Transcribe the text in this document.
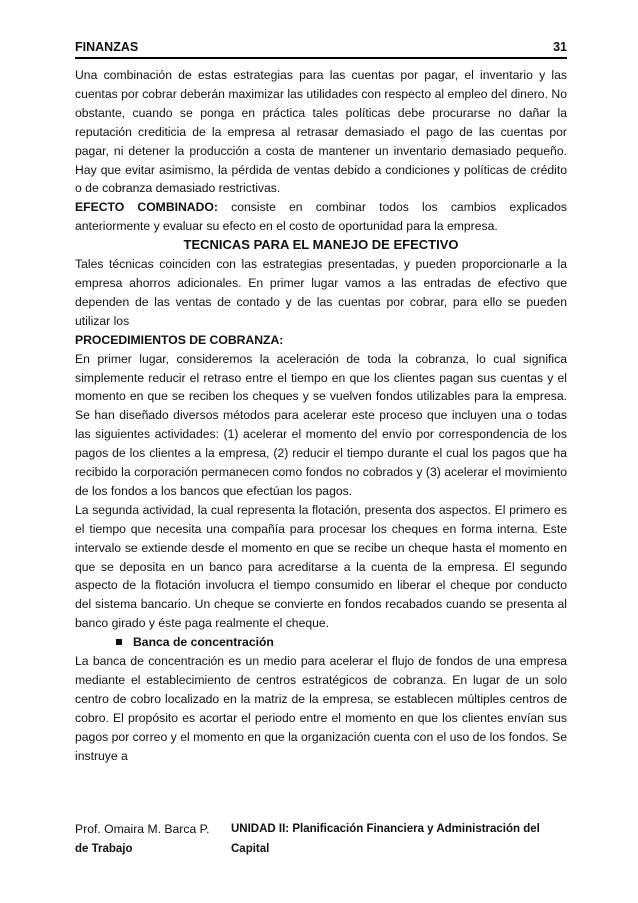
FINANZAS	31

Una combinación de estas estrategias para las cuentas por pagar, el inventario y las cuentas por cobrar deberán maximizar las utilidades con respecto al empleo del dinero. No obstante, cuando se ponga en práctica tales políticas debe procurarse no dañar la reputación crediticia de la empresa al retrasar demasiado el pago de las cuentas por pagar, ni detener la producción a costa de mantener un inventario demasiado pequeño. Hay que evitar asimismo, la pérdida de ventas debido a condiciones y políticas de crédito o de cobranza demasiado restrictivas.

EFECTO COMBINADO: consiste en combinar todos los cambios explicados anteriormente y evaluar su efecto en el costo de oportunidad para la empresa.

TECNICAS PARA EL MANEJO DE EFECTIVO

Tales técnicas coinciden con las estrategias presentadas, y pueden proporcionarle a la empresa ahorros adicionales. En primer lugar vamos a las entradas de efectivo que dependen de las ventas de contado y de las cuentas por cobrar, para ello se pueden utilizar los

PROCEDIMIENTOS DE COBRANZA:

En primer lugar, consideremos la aceleración de toda la cobranza, lo cual significa simplemente reducir el retraso entre el tiempo en que los clientes pagan sus cuentas y el momento en que se reciben los cheques y se vuelven fondos utilizables para la empresa. Se han diseñado diversos métodos para acelerar este proceso que incluyen una o todas las siguientes actividades: (1) acelerar el momento del envío por correspondencia de los pagos de los clientes a la empresa, (2) reducir el tiempo durante el cual los pagos que ha recibido la corporación permanecen como fondos no cobrados y (3) acelerar el movimiento de los fondos a los bancos que efectúan los pagos.

La segunda actividad, la cual representa la flotación, presenta dos aspectos. El primero es el tiempo que necesita una compañía para procesar los cheques en forma interna. Este intervalo se extiende desde el momento en que se recibe un cheque hasta el momento en que se deposita en un banco para acreditarse a la cuenta de la empresa. El segundo aspecto de la flotación involucra el tiempo consumido en liberar el cheque por conducto del sistema bancario. Un cheque se convierte en fondos recabados cuando se presenta al banco girado y éste paga realmente el cheque.

Banca de concentración

La banca de concentración es un medio para acelerar el flujo de fondos de una empresa mediante el establecimiento de centros estratégicos de cobranza. En lugar de un solo centro de cobro localizado en la matriz de la empresa, se establecen múltiples centros de cobro. El propósito es acortar el periodo entre el momento en que los clientes envían sus pagos por correo y el momento en que la organización cuenta con el uso de los fondos. Se instruye a

Prof. Omaira M. Barca P. UNIDAD II: Planificación Financiera y Administración del Capital
de Trabajo
